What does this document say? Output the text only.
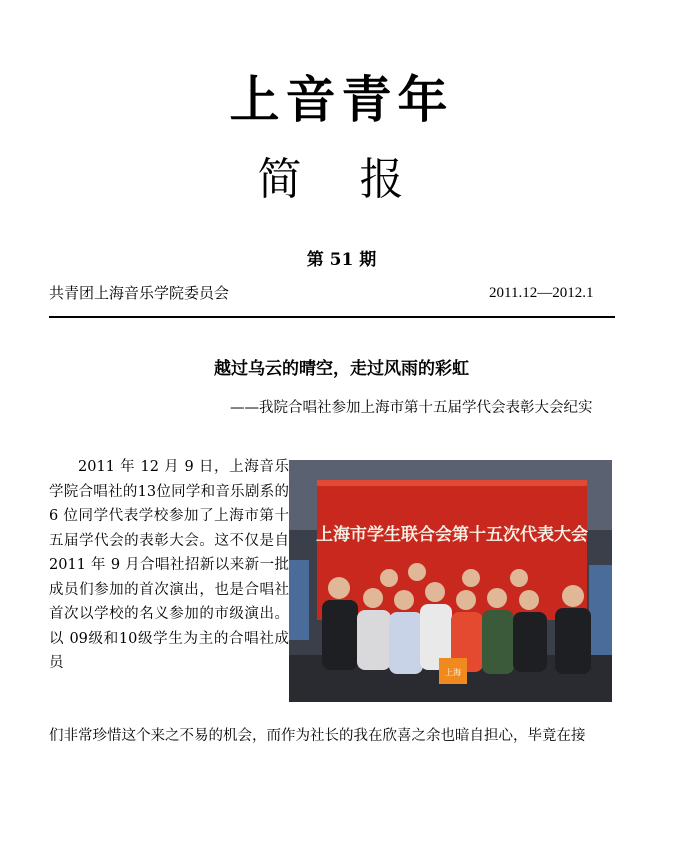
上音青年
简 报
第 51 期
共青团上海音乐学院委员会	2011.12—2012.1
越过乌云的晴空，走过风雨的彩虹
——我院合唱社参加上海市第十五届学代会表彰大会纪实
2011 年 12 月 9 日，上海音乐学院合唱社的13位同学和音乐剧系的 6 位同学代表学校参加了上海市第十五届学代会的表彰大会。这不仅是自 2011 年 9 月合唱社招新以来新一批成员们参加的首次演出，也是合唱社首次以学校的名义参加的市级演出。以 09级和10级学生为主的合唱社成员
们非常珍惜这个来之不易的机会，而作为社长的我在欣喜之余也暗自担心，毕竟在接
上海市学生联合会第十五次代表大会
上海
